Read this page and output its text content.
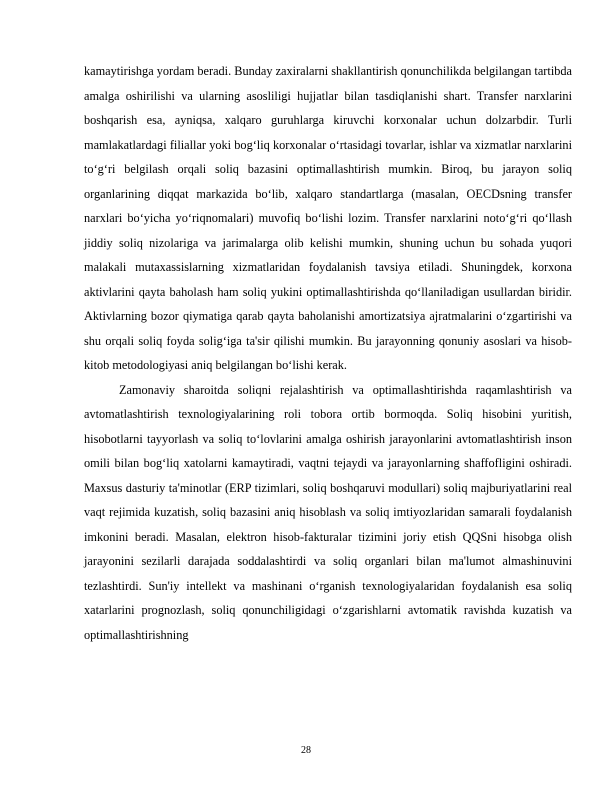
kamaytirishga yordam beradi. Bunday zaxiralarni shakllantirish qonunchilikda belgilangan tartibda amalga oshirilishi va ularning asosliligi hujjatlar bilan tasdiqlanishi shart. Transfer narxlarini boshqarish esa, ayniqsa, xalqaro guruhlarga kiruvchi korxonalar uchun dolzarbdir. Turli mamlakatlardagi filiallar yoki bog‘liq korxonalar o‘rtasidagi tovarlar, ishlar va xizmatlar narxlarini to‘g‘ri belgilash orqali soliq bazasini optimallashtirish mumkin. Biroq, bu jarayon soliq organlarining diqqat markazida bo‘lib, xalqaro standartlarga (masalan, OECDsning transfer narxlari bo‘yicha yo‘riqnomalari) muvofiq bo‘lishi lozim. Transfer narxlarini noto‘g‘ri qo‘llash jiddiy soliq nizolariga va jarimalarga olib kelishi mumkin, shuning uchun bu sohada yuqori malakali mutaxassislarning xizmatlaridan foydalanish tavsiya etiladi. Shuningdek, korxona aktivlarini qayta baholash ham soliq yukini optimallashtirishda qo‘llaniladigan usullardan biridir. Aktivlarning bozor qiymatiga qarab qayta baholanishi amortizatsiya ajratmalarini o‘zgartirishi va shu orqali soliq foyda solig‘iga ta'sir qilishi mumkin. Bu jarayonning qonuniy asoslari va hisob-kitob metodologiyasi aniq belgilangan bo‘lishi kerak.

Zamonaviy sharoitda soliqni rejalashtirish va optimallashtirishda raqamlashtirish va avtomatlashtirish texnologiyalarining roli tobora ortib bormoqda. Soliq hisobini yuritish, hisobotlarni tayyorlash va soliq to‘lovlarini amalga oshirish jarayonlarini avtomatlashtirish inson omili bilan bog‘liq xatolarni kamaytiradi, vaqtni tejaydi va jarayonlarning shaffofligini oshiradi. Maxsus dasturiy ta'minotlar (ERP tizimlari, soliq boshqaruvi modullari) soliq majburiyatlarini real vaqt rejimida kuzatish, soliq bazasini aniq hisoblash va soliq imtiyozlaridan samarali foydalanish imkonini beradi. Masalan, elektron hisob-fakturalar tizimini joriy etish QQSni hisobga olish jarayonini sezilarli darajada soddalashtirdi va soliq organlari bilan ma'lumot almashinuvini tezlashtirdi. Sun'iy intellekt va mashinani o‘rganish texnologiyalaridan foydalanish esa soliq xatarlarini prognozlash, soliq qonunchiligidagi o‘zgarishlarni avtomatik ravishda kuzatish va optimallashtirishning

28
